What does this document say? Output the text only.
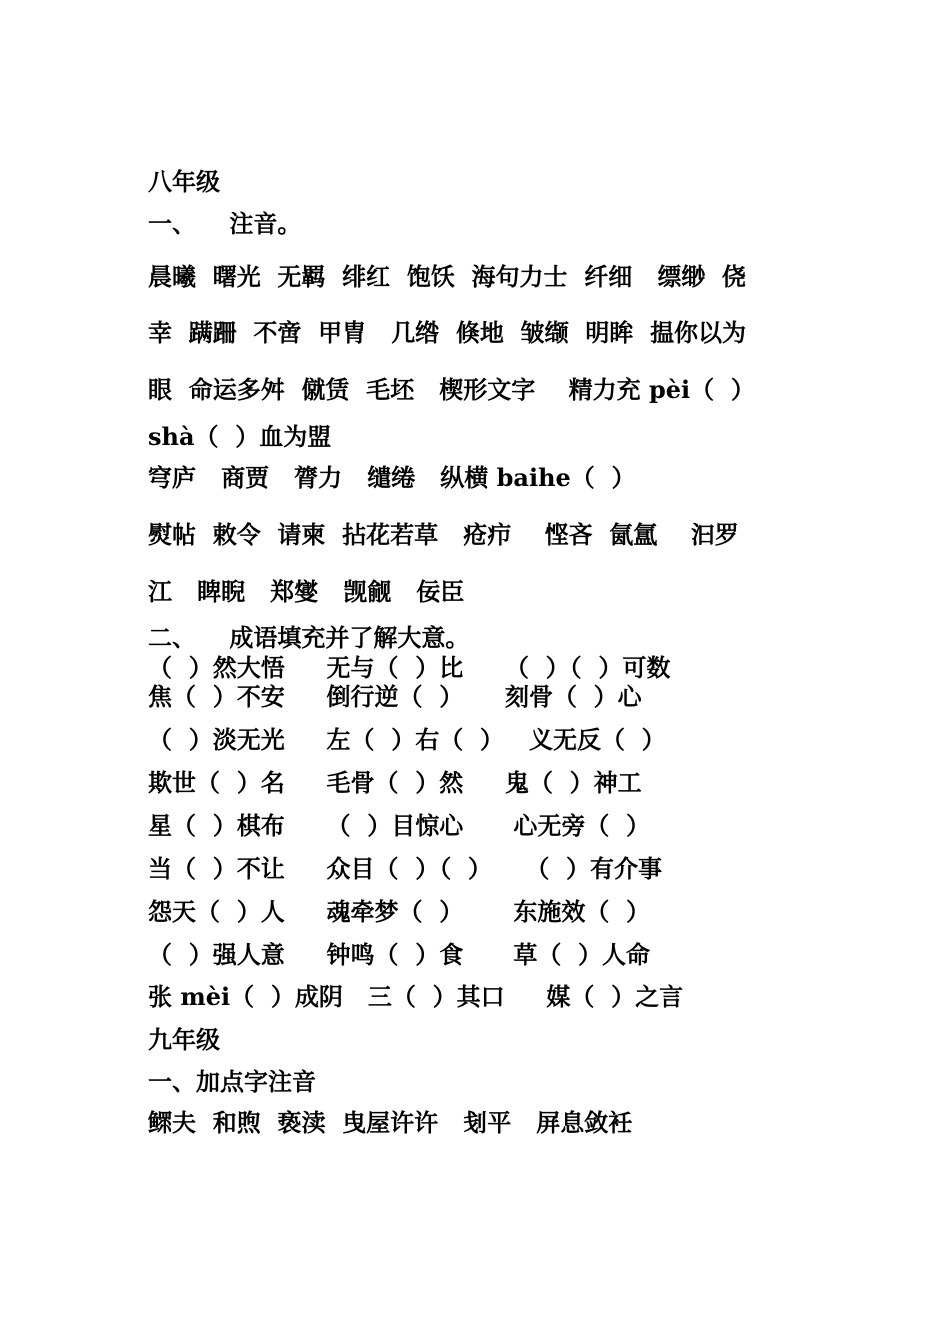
八年级
一、    注音。
晨曦  曙光  无羁  绯红  饱饫  海句力士  纤细   缥缈  侥
幸  蹒跚  不啻  甲胄   几绺  倏地  皱缬  明眸  揾你以为
眼  命运多舛  僦赁  毛坯   楔形文字    精力充 pèi（  ）
shà（  ）血为盟
穹庐   商贾   膂力   缱绻   纵横 baihe（  ）
熨帖  敕令  请柬  拈花若草   疮疖    悭吝  氤氲    汩罗
江   睥睨   郑燮   觊觎   佞臣
二、    成语填充并了解大意。
（  ）然大悟     无与（  ）比     （  ）（  ）可数
焦（  ）不安     倒行逆（  ）     刻骨（  ）心
（  ）淡无光     左（  ）右（  ）   义无反（  ）
欺世（  ）名     毛骨（  ）然     鬼（  ）神工
星（  ）棋布     （  ）目惊心      心无旁（  ）
当（  ）不让     众目（  ）（  ）    （  ）有介事
怨天（  ）人     魂牵梦（  ）      东施效（  ）
（  ）强人意     钟鸣（  ）食      草（  ）人命
张 mèi（  ）成阴   三（  ）其口     媒（  ）之言
九年级
一、加点字注音
鳏夫  和煦  亵渎  曳屋许许   刬平   屏息敛衽
